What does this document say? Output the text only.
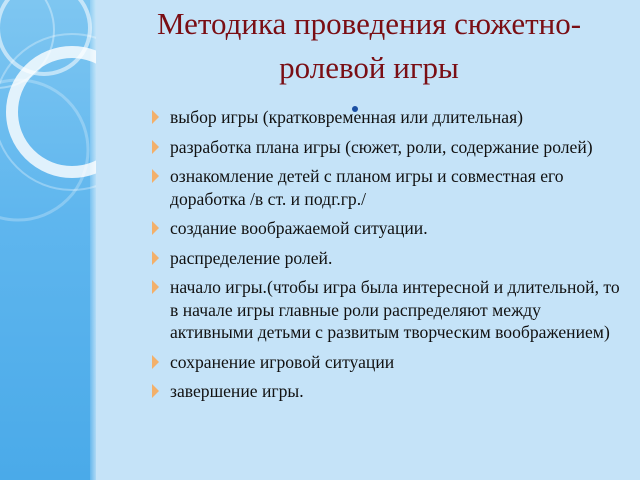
Методика проведения сюжетно-
ролевой игры
выбор игры (кратковременная или длительная)
разработка плана игры (сюжет, роли, содержание ролей)
ознакомление детей с планом игры и совместная его доработка /в ст. и подг.гр./
создание воображаемой ситуации.
распределение ролей.
начало игры.(чтобы игра была интересной и длительной, то в начале игры главные роли распределяют между активными детьми с развитым творческим воображением)
сохранение игровой ситуации
завершение игры.
